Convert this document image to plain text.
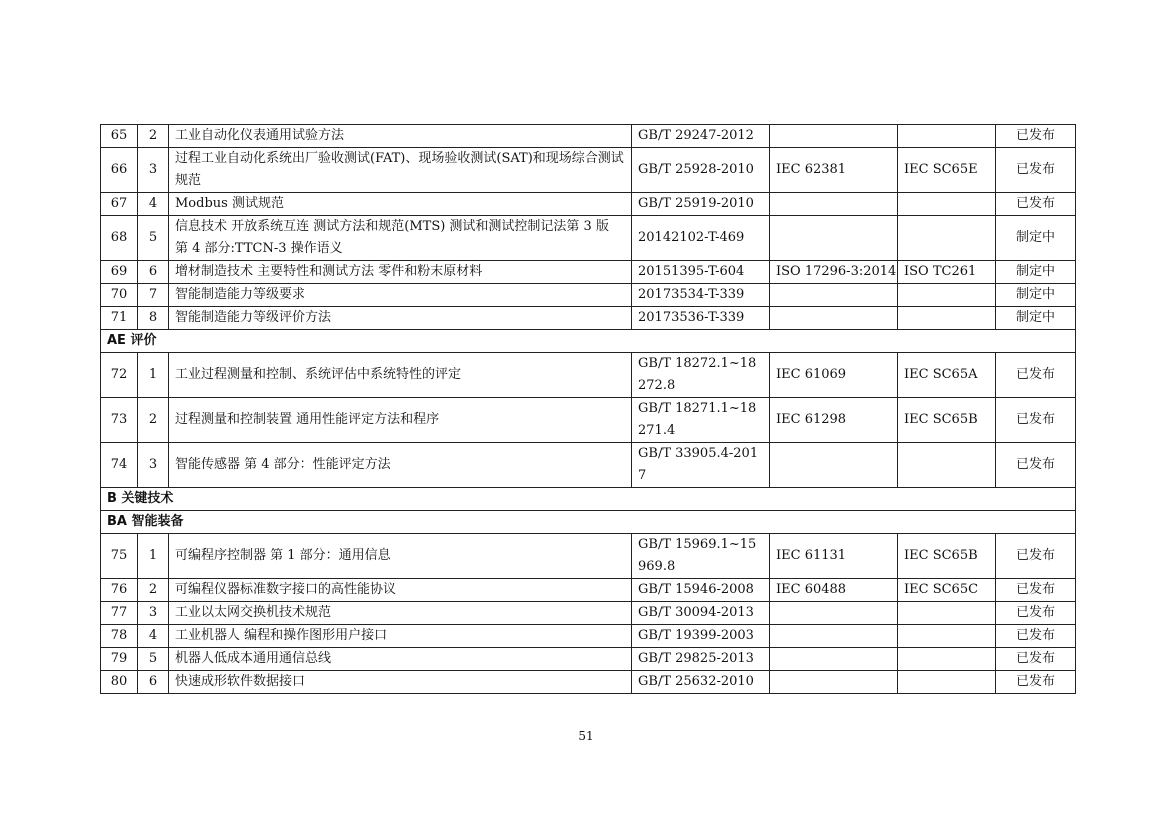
65	2	工业自动化仪表通用试验方法	GB/T 29247-2012			已发布
66	3	过程工业自动化系统出厂验收测试(FAT)、现场验收测试(SAT)和现场综合测试规范	GB/T 25928-2010	IEC 62381	IEC SC65E	已发布
67	4	Modbus 测试规范	GB/T 25919-2010			已发布
68	5	信息技术 开放系统互连 测试方法和规范(MTS) 测试和测试控制记法第 3 版 第 4 部分:TTCN-3 操作语义	20142102-T-469			制定中
69	6	增材制造技术 主要特性和测试方法 零件和粉末原材料	20151395-T-604	ISO 17296-3:2014	ISO TC261	制定中
70	7	智能制造能力等级要求	20173534-T-339			制定中
71	8	智能制造能力等级评价方法	20173536-T-339			制定中
AE 评价						
72	1	工业过程测量和控制、系统评估中系统特性的评定	GB/T 18272.1~18272.8	IEC 61069	IEC SC65A	已发布
73	2	过程测量和控制装置 通用性能评定方法和程序	GB/T 18271.1~18271.4	IEC 61298	IEC SC65B	已发布
74	3	智能传感器 第 4 部分：性能评定方法	GB/T 33905.4-2017			已发布
B 关键技术						
BA 智能装备						
75	1	可编程序控制器 第 1 部分：通用信息	GB/T 15969.1~15969.8	IEC 61131	IEC SC65B	已发布
76	2	可编程仪器标准数字接口的高性能协议	GB/T 15946-2008	IEC 60488	IEC SC65C	已发布
77	3	工业以太网交换机技术规范	GB/T 30094-2013			已发布
78	4	工业机器人 编程和操作图形用户接口	GB/T 19399-2003			已发布
79	5	机器人低成本通用通信总线	GB/T 29825-2013			已发布
80	6	快速成形软件数据接口	GB/T 25632-2010			已发布
51
